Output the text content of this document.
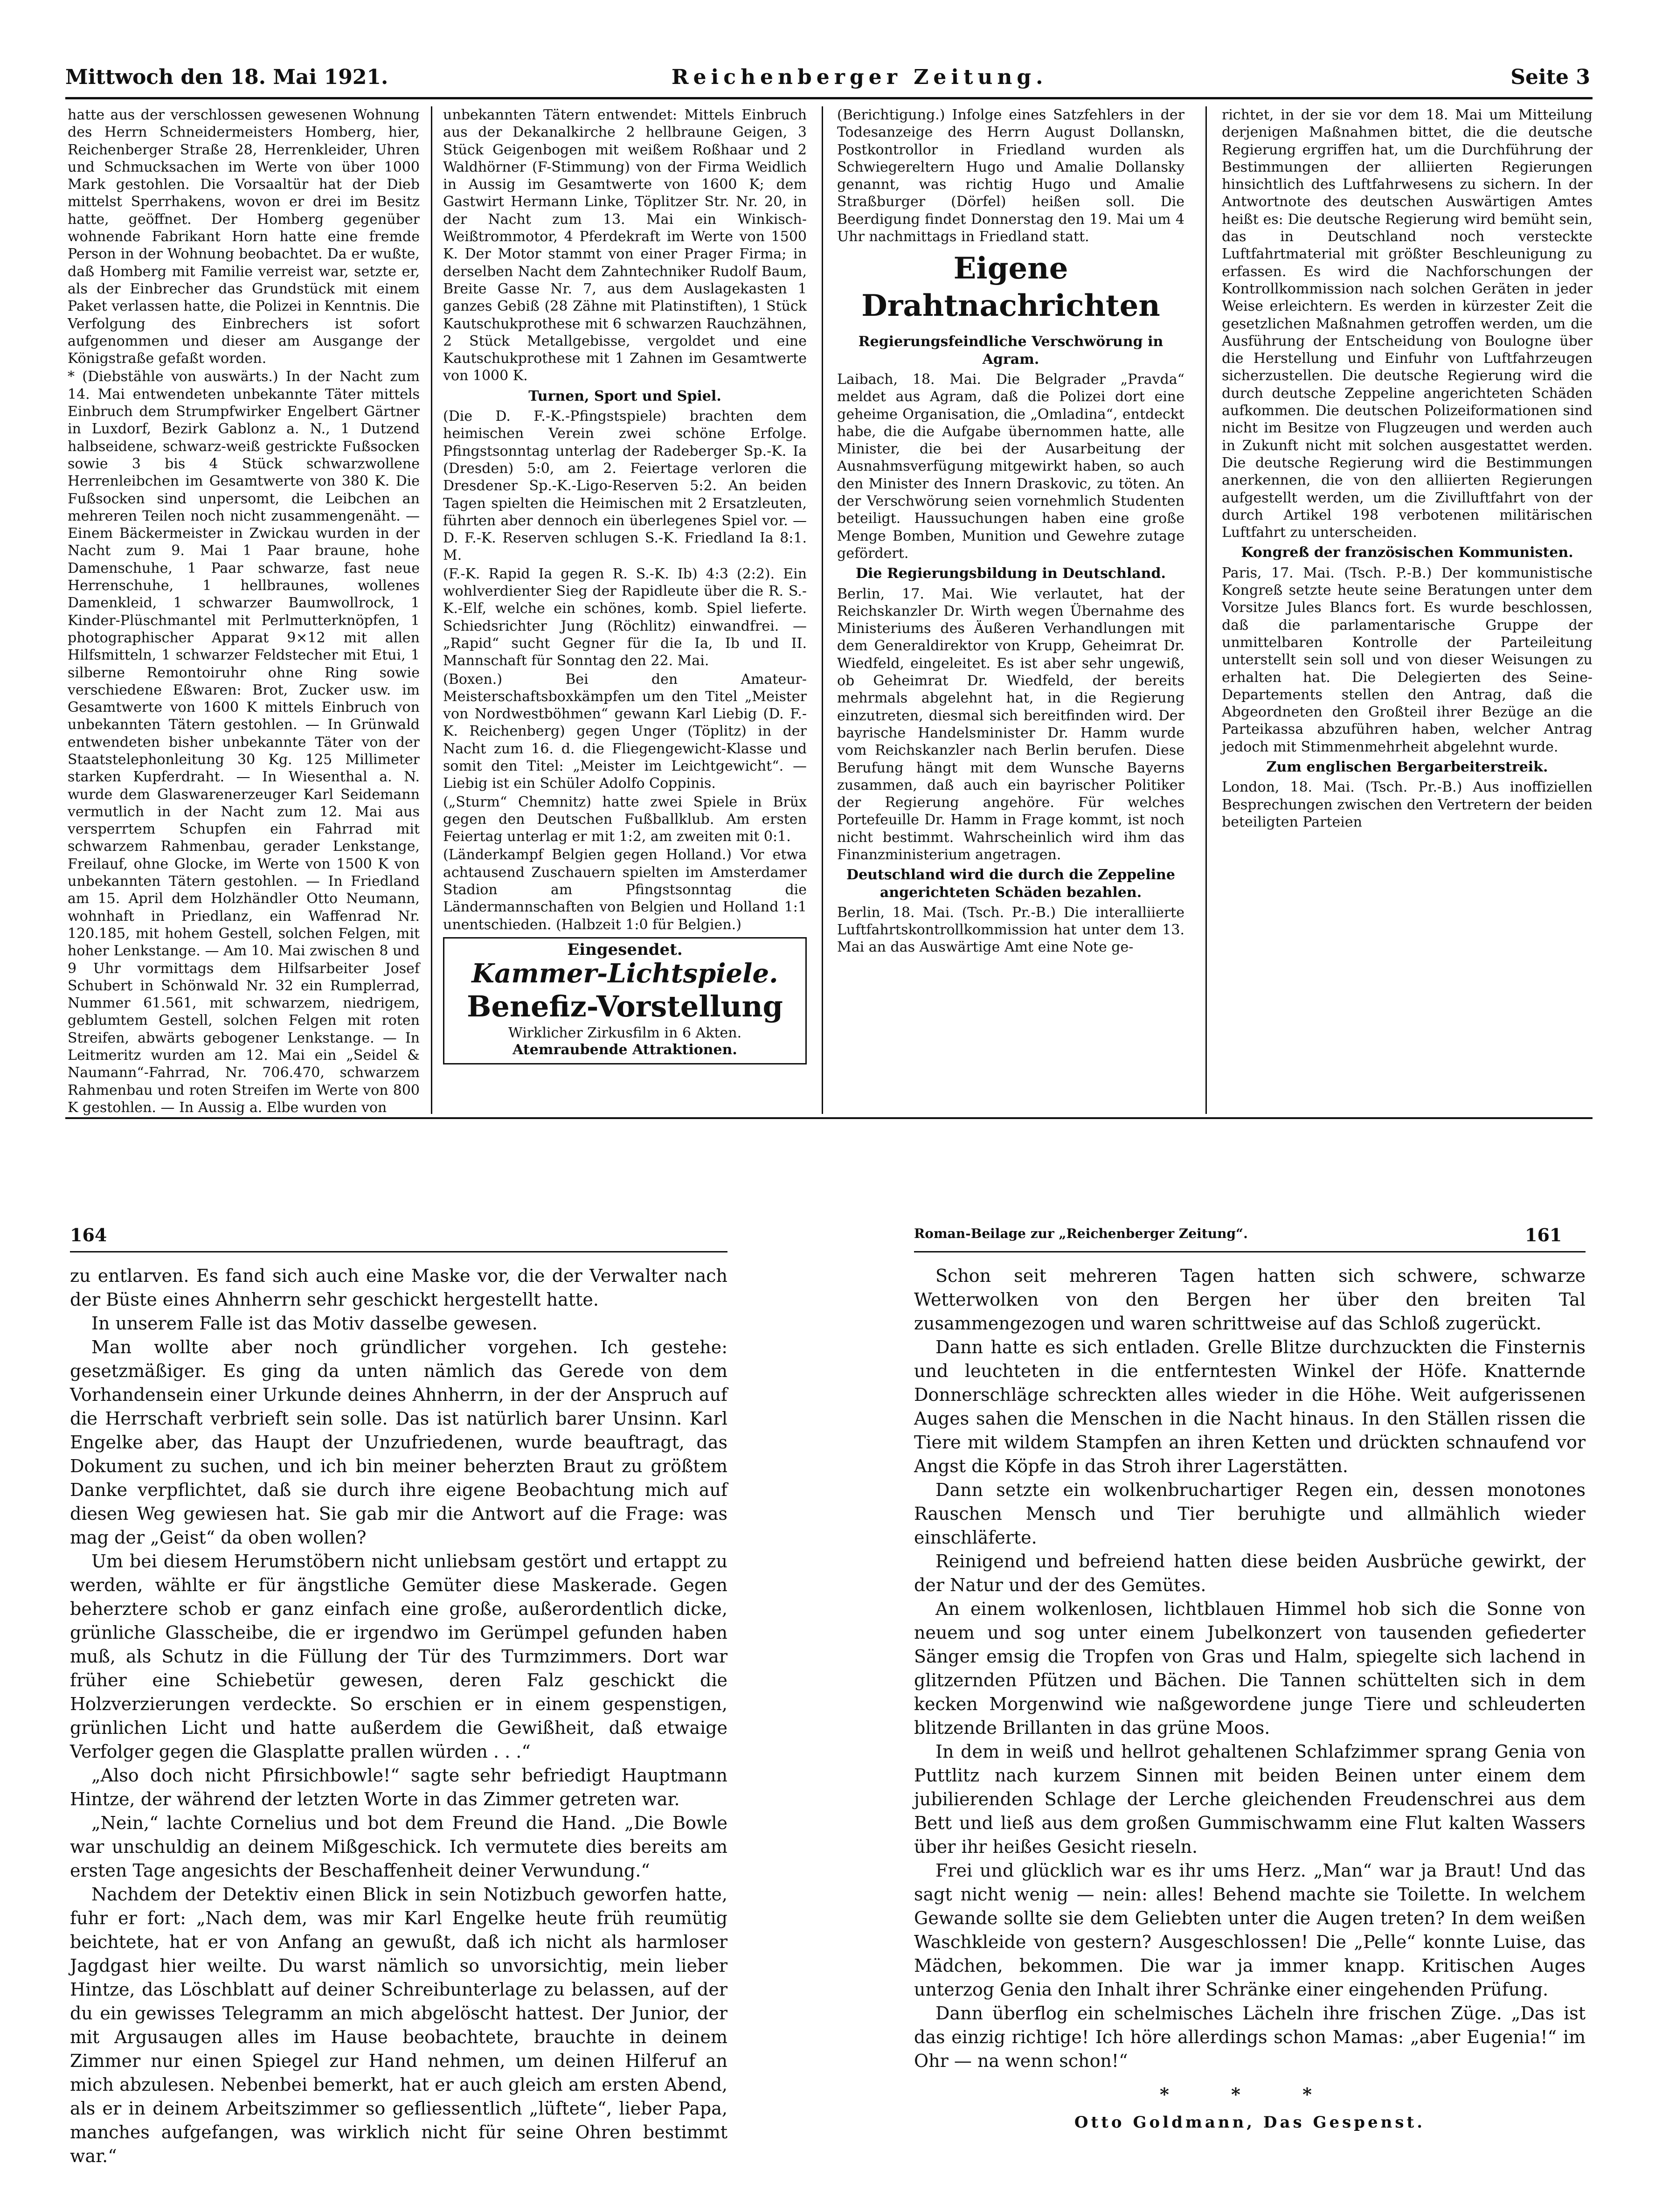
Mittwoch den 18. Mai 1921.	Reichenberger Zeitung.	Seite 3

hatte aus der verschlossen gewesenen Wohnung des Herrn Schneidermeisters Homberg, hier, Reichenberger Straße 28, Herrenkleider, Uhren und Schmucksachen im Werte von über 1000 Mark gestohlen. Die Vorsaaltür hat der Dieb mittelst Sperrhakens, wovon er drei im Besitz hatte, geöffnet. Der Homberg gegenüber wohnende Fabrikant Horn hatte eine fremde Person in der Wohnung beobachtet. Da er wußte, daß Homberg mit Familie verreist war, setzte er, als der Einbrecher das Grundstück mit einem Paket verlassen hatte, die Polizei in Kenntnis. Die Verfolgung des Einbrechers ist sofort aufgenommen und dieser am Ausgange der Königstraße gefaßt worden.

* (Diebstähle von auswärts.) In der Nacht zum 14. Mai entwendeten unbekannte Täter mittels Einbruch dem Strumpfwirker Engelbert Gärtner in Luxdorf, Bezirk Gablonz a. N., 1 Dutzend halbseidene, schwarz-weiß gestrickte Fußsocken sowie 3 bis 4 Stück schwarzwollene Herrenleibchen im Gesamtwerte von 380 K. Die Fußsocken sind unpersomt, die Leibchen an mehreren Teilen noch nicht zusammengenäht. — Einem Bäckermeister in Zwickau wurden in der Nacht zum 9. Mai 1 Paar braune, hohe Damenschuhe, 1 Paar schwarze, fast neue Herrenschuhe, 1 hellbraunes, wollenes Damenkleid, 1 schwarzer Baumwollrock, 1 Kinder-Plüschmantel mit Perlmutterknöpfen, 1 photographischer Apparat 9×12 mit allen Hilfsmitteln, 1 schwarzer Feldstecher mit Etui, 1 silberne Remontoiruhr ohne Ring sowie verschiedene Eßwaren: Brot, Zucker usw. im Gesamtwerte von 1600 K mittels Einbruch von unbekannten Tätern gestohlen. — In Grünwald entwendeten bisher unbekannte Täter von der Staatstelephonleitung 30 Kg. 125 Millimeter starken Kupferdraht. — In Wiesenthal a. N. wurde dem Glaswarenerzeuger Karl Seidemann vermutlich in der Nacht zum 12. Mai aus versperrtem Schupfen ein Fahrrad mit schwarzem Rahmenbau, gerader Lenkstange, Freilauf, ohne Glocke, im Werte von 1500 K von unbekannten Tätern gestohlen. — In Friedland am 15. April dem Holzhändler Otto Neumann, wohnhaft in Priedlanz, ein Waffenrad Nr. 120.185, mit hohem Gestell, solchen Felgen, mit hoher Lenkstange. — Am 10. Mai zwischen 8 und 9 Uhr vormittags dem Hilfsarbeiter Josef Schubert in Schönwald Nr. 32 ein Rumplerrad, Nummer 61.561, mit schwarzem, niedrigem, geblumtem Gestell, solchen Felgen mit roten Streifen, abwärts gebogener Lenkstange. — In Leitmeritz wurden am 12. Mai ein „Seidel & Naumann“-Fahrrad, Nr. 706.470, schwarzem Rahmenbau und roten Streifen im Werte von 800 K gestohlen. — In Aussig a. Elbe wurden von

unbekannten Tätern entwendet: Mittels Einbruch aus der Dekanalkirche 2 hellbraune Geigen, 3 Stück Geigenbogen mit weißem Roßhaar und 2 Waldhörner (F-Stimmung) von der Firma Weidlich in Aussig im Gesamtwerte von 1600 K; dem Gastwirt Hermann Linke, Töplitzer Str. Nr. 20, in der Nacht zum 13. Mai ein Winkisch-Weißtrommotor, 4 Pferdekraft im Werte von 1500 K. Der Motor stammt von einer Prager Firma; in derselben Nacht dem Zahntechniker Rudolf Baum, Breite Gasse Nr. 7, aus dem Auslagekasten 1 ganzes Gebiß (28 Zähne mit Platinstiften), 1 Stück Kautschukprothese mit 6 schwarzen Rauchzähnen, 2 Stück Metallgebisse, vergoldet und eine Kautschukprothese mit 1 Zahnen im Gesamtwerte von 1000 K.

Turnen, Sport und Spiel.

(Die D. F.-K.-Pfingstspiele) brachten dem heimischen Verein zwei schöne Erfolge. Pfingstsonntag unterlag der Radeberger Sp.-K. Ia (Dresden) 5:0, am 2. Feiertage verloren die Dresdener Sp.-K.-Ligo-Reserven 5:2. An beiden Tagen spielten die Heimischen mit 2 Ersatzleuten, führten aber dennoch ein überlegenes Spiel vor. — D. F.-K. Reserven schlugen S.-K. Friedland Ia 8:1. M.

(F.-K. Rapid Ia gegen R. S.-K. Ib) 4:3 (2:2). Ein wohlverdienter Sieg der Rapidleute über die R. S.-K.-Elf, welche ein schönes, komb. Spiel lieferte. Schiedsrichter Jung (Röchlitz) einwandfrei. — „Rapid“ sucht Gegner für die Ia, Ib und II. Mannschaft für Sonntag den 22. Mai.

(Boxen.) Bei den Amateur-Meisterschaftsboxkämpfen um den Titel „Meister von Nordwestböhmen“ gewann Karl Liebig (D. F.-K. Reichenberg) gegen Unger (Töplitz) in der Nacht zum 16. d. die Fliegengewicht-Klasse und somit den Titel: „Meister im Leichtgewicht“. — Liebig ist ein Schüler Adolfo Coppinis.

(„Sturm“ Chemnitz) hatte zwei Spiele in Brüx gegen den Deutschen Fußballklub. Am ersten Feiertag unterlag er mit 1:2, am zweiten mit 0:1.

(Länderkampf Belgien gegen Holland.) Vor etwa achtausend Zuschauern spielten im Amsterdamer Stadion am Pfingstsonntag die Ländermannschaften von Belgien und Holland 1:1 unentschieden. (Halbzeit 1:0 für Belgien.)

Eingesendet.
Kammer-Lichtspiele.
Benefiz-Vorstellung
Wirklicher Zirkusfilm in 6 Akten.
Atemraubende Attraktionen.

(Berichtigung.) Infolge eines Satzfehlers in der Todesanzeige des Herrn August Dollanskn, Postkontrollor in Friedland wurden als Schwiegereltern Hugo und Amalie Dollansky genannt, was richtig Hugo und Amalie Straßburger (Dörfel) heißen soll. Die Beerdigung findet Donnerstag den 19. Mai um 4 Uhr nachmittags in Friedland statt.

Eigene Drahtnachrichten
Regierungsfeindliche Verschwörung in Agram.

Laibach, 18. Mai. Die Belgrader „Pravda“ meldet aus Agram, daß die Polizei dort eine geheime Organisation, die „Omladina“, entdeckt habe, die die Aufgabe übernommen hatte, alle Minister, die bei der Ausarbeitung der Ausnahmsverfügung mitgewirkt haben, so auch den Minister des Innern Draskovic, zu töten. An der Verschwörung seien vornehmlich Studenten beteiligt. Haussuchungen haben eine große Menge Bomben, Munition und Gewehre zutage gefördert.

Die Regierungsbildung in Deutschland.

Berlin, 17. Mai. Wie verlautet, hat der Reichskanzler Dr. Wirth wegen Übernahme des Ministeriums des Äußeren Verhandlungen mit dem Generaldirektor von Krupp, Geheimrat Dr. Wiedfeld, eingeleitet. Es ist aber sehr ungewiß, ob Geheimrat Dr. Wiedfeld, der bereits mehrmals abgelehnt hat, in die Regierung einzutreten, diesmal sich bereitfinden wird. Der bayrische Handelsminister Dr. Hamm wurde vom Reichskanzler nach Berlin berufen. Diese Berufung hängt mit dem Wunsche Bayerns zusammen, daß auch ein bayrischer Politiker der Regierung angehöre. Für welches Portefeuille Dr. Hamm in Frage kommt, ist noch nicht bestimmt. Wahrscheinlich wird ihm das Finanzministerium angetragen.

Deutschland wird die durch die Zeppeline angerichteten Schäden bezahlen.

Berlin, 18. Mai. (Tsch. Pr.-B.) Die interalliierte Luftfahrtskontrollkommission hat unter dem 13. Mai an das Auswärtige Amt eine Note ge-

richtet, in der sie vor dem 18. Mai um Mitteilung derjenigen Maßnahmen bittet, die die deutsche Regierung ergriffen hat, um die Durchführung der Bestimmungen der alliierten Regierungen hinsichtlich des Luftfahrwesens zu sichern. In der Antwortnote des deutschen Auswärtigen Amtes heißt es: Die deutsche Regierung wird bemüht sein, das in Deutschland noch versteckte Luftfahrtmaterial mit größter Beschleunigung zu erfassen. Es wird die Nachforschungen der Kontrollkommission nach solchen Geräten in jeder Weise erleichtern. Es werden in kürzester Zeit die gesetzlichen Maßnahmen getroffen werden, um die Ausführung der Entscheidung von Boulogne über die Herstellung und Einfuhr von Luftfahrzeugen sicherzustellen. Die deutsche Regierung wird die durch deutsche Zeppeline angerichteten Schäden aufkommen. Die deutschen Polizeiformationen sind nicht im Besitze von Flugzeugen und werden auch in Zukunft nicht mit solchen ausgestattet werden. Die deutsche Regierung wird die Bestimmungen anerkennen, die von den alliierten Regierungen aufgestellt werden, um die Zivilluftfahrt von der durch Artikel 198 verbotenen militärischen Luftfahrt zu unterscheiden.

Kongreß der französischen Kommunisten.

Paris, 17. Mai. (Tsch. P.-B.) Der kommunistische Kongreß setzte heute seine Beratungen unter dem Vorsitze Jules Blancs fort. Es wurde beschlossen, daß die parlamentarische Gruppe der unmittelbaren Kontrolle der Parteileitung unterstellt sein soll und von dieser Weisungen zu erhalten hat. Die Delegierten des Seine-Departements stellen den Antrag, daß die Abgeordneten den Großteil ihrer Bezüge an die Parteikassa abzuführen haben, welcher Antrag jedoch mit Stimmenmehrheit abgelehnt wurde.

Zum englischen Bergarbeiterstreik.

London, 18. Mai. (Tsch. Pr.-B.) Aus inoffiziellen Besprechungen zwischen den Vertretern der beiden beteiligten Parteien

164	Roman-Beilage zur „Reichenberger Zeitung“.	161

zu entlarven. Es fand sich auch eine Maske vor, die der Verwalter nach der Büste eines Ahnherrn sehr geschickt hergestellt hatte.

In unserem Falle ist das Motiv dasselbe gewesen.

Man wollte aber noch gründlicher vorgehen. Ich gestehe: gesetzmäßiger. Es ging da unten nämlich das Gerede von dem Vorhandensein einer Urkunde deines Ahnherrn, in der der Anspruch auf die Herrschaft verbrieft sein solle. Das ist natürlich barer Unsinn. Karl Engelke aber, das Haupt der Unzufriedenen, wurde beauftragt, das Dokument zu suchen, und ich bin meiner beherzten Braut zu größtem Danke verpflichtet, daß sie durch ihre eigene Beobachtung mich auf diesen Weg gewiesen hat. Sie gab mir die Antwort auf die Frage: was mag der „Geist“ da oben wollen?

Um bei diesem Herumstöbern nicht unliebsam gestört und ertappt zu werden, wählte er für ängstliche Gemüter diese Maskerade. Gegen beherztere schob er ganz einfach eine große, außerordentlich dicke, grünliche Glasscheibe, die er irgendwo im Gerümpel gefunden haben muß, als Schutz in die Füllung der Tür des Turmzimmers. Dort war früher eine Schiebetür gewesen, deren Falz geschickt die Holzverzierungen verdeckte. So erschien er in einem gespenstigen, grünlichen Licht und hatte außerdem die Gewißheit, daß etwaige Verfolger gegen die Glasplatte prallen würden . . .“

„Also doch nicht Pfirsichbowle!“ sagte sehr befriedigt Hauptmann Hintze, der während der letzten Worte in das Zimmer getreten war.

„Nein,“ lachte Cornelius und bot dem Freund die Hand. „Die Bowle war unschuldig an deinem Mißgeschick. Ich vermutete dies bereits am ersten Tage angesichts der Beschaffenheit deiner Verwundung.“

Nachdem der Detektiv einen Blick in sein Notizbuch geworfen hatte, fuhr er fort: „Nach dem, was mir Karl Engelke heute früh reumütig beichtete, hat er von Anfang an gewußt, daß ich nicht als harmloser Jagdgast hier weilte. Du warst nämlich so unvorsichtig, mein lieber Hintze, das Löschblatt auf deiner Schreibunterlage zu belassen, auf der du ein gewisses Telegramm an mich abgelöscht hattest. Der Junior, der mit Argusaugen alles im Hause beobachtete, brauchte in deinem Zimmer nur einen Spiegel zur Hand nehmen, um deinen Hilferuf an mich abzulesen. Nebenbei bemerkt, hat er auch gleich am ersten Abend, als er in deinem Arbeitszimmer so gefliessentlich „lüftete“, lieber Papa, manches aufgefangen, was wirklich nicht für seine Ohren bestimmt war.“

Schon seit mehreren Tagen hatten sich schwere, schwarze Wetterwolken von den Bergen her über den breiten Tal zusammengezogen und waren schrittweise auf das Schloß zugerückt.

Dann hatte es sich entladen. Grelle Blitze durchzuckten die Finsternis und leuchteten in die entferntesten Winkel der Höfe. Knatternde Donnerschläge schreckten alles wieder in die Höhe. Weit aufgerissenen Auges sahen die Menschen in die Nacht hinaus. In den Ställen rissen die Tiere mit wildem Stampfen an ihren Ketten und drückten schnaufend vor Angst die Köpfe in das Stroh ihrer Lagerstätten.

Dann setzte ein wolkenbruchartiger Regen ein, dessen monotones Rauschen Mensch und Tier beruhigte und allmählich wieder einschläferte.

Reinigend und befreiend hatten diese beiden Ausbrüche gewirkt, der der Natur und der des Gemütes.

An einem wolkenlosen, lichtblauen Himmel hob sich die Sonne von neuem und sog unter einem Jubelkonzert von tausenden gefiederter Sänger emsig die Tropfen von Gras und Halm, spiegelte sich lachend in glitzernden Pfützen und Bächen. Die Tannen schüttelten sich in dem kecken Morgenwind wie naßgewordene junge Tiere und schleuderten blitzende Brillanten in das grüne Moos.

In dem in weiß und hellrot gehaltenen Schlafzimmer sprang Genia von Puttlitz nach kurzem Sinnen mit beiden Beinen unter einem dem jubilierenden Schlage der Lerche gleichenden Freudenschrei aus dem Bett und ließ aus dem großen Gummischwamm eine Flut kalten Wassers über ihr heißes Gesicht rieseln.

Frei und glücklich war es ihr ums Herz. „Man“ war ja Braut! Und das sagt nicht wenig — nein: alles! Behend machte sie Toilette. In welchem Gewande sollte sie dem Geliebten unter die Augen treten? In dem weißen Waschkleide von gestern? Ausgeschlossen! Die „Pelle“ konnte Luise, das Mädchen, bekommen. Die war ja immer knapp. Kritischen Auges unterzog Genia den Inhalt ihrer Schränke einer eingehenden Prüfung.

Dann überflog ein schelmisches Lächeln ihre frischen Züge. „Das ist das einzig richtige! Ich höre allerdings schon Mamas: „aber Eugenia!“ im Ohr — na wenn schon!“

* * *
Otto Goldmann, Das Gespenst.
